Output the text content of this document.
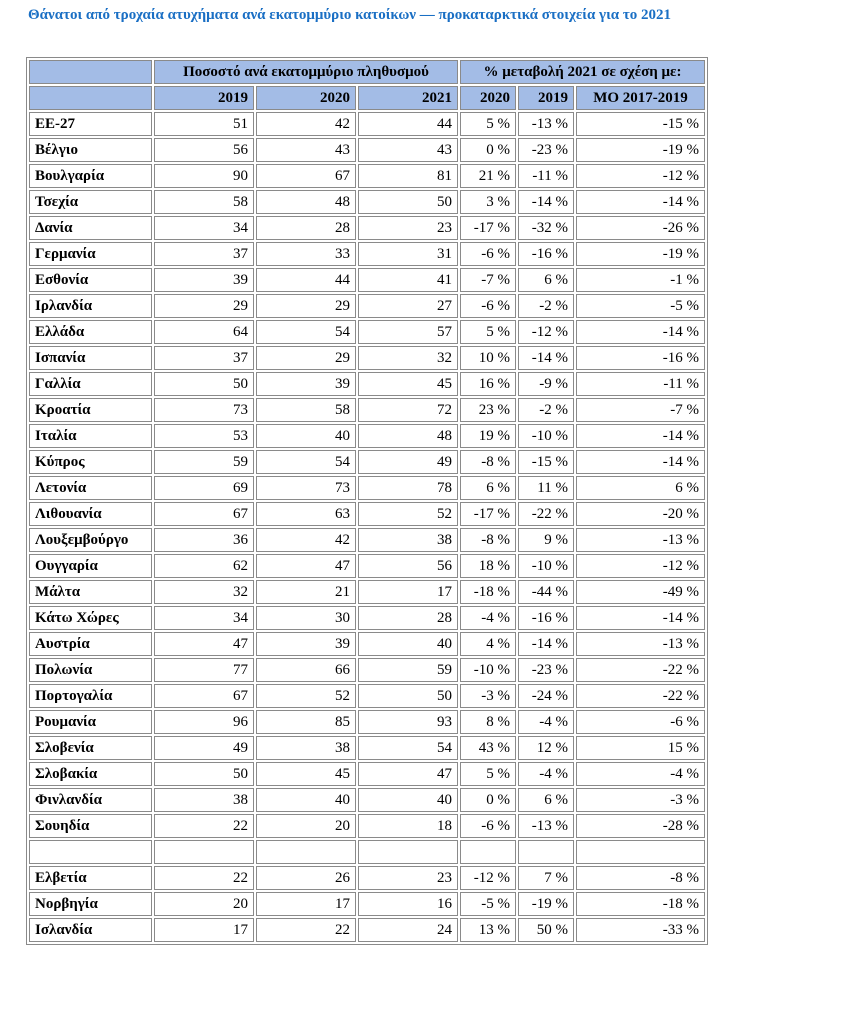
Θάνατοι από τροχαία ατυχήματα ανά εκατομμύριο κατοίκων — προκαταρκτικά στοιχεία για το 2021
	Ποσοστό ανά εκατομμύριο πληθυσμού			% μεταβολή 2021 σε σχέση με:		
	2019	2020	2021	2020	2019	ΜΟ 2017-2019
ΕΕ-27	51	42	44	5 %	-13 %	-15 %
Βέλγιο	56	43	43	0 %	-23 %	-19 %
Βουλγαρία	90	67	81	21 %	-11 %	-12 %
Τσεχία	58	48	50	3 %	-14 %	-14 %
Δανία	34	28	23	-17 %	-32 %	-26 %
Γερμανία	37	33	31	-6 %	-16 %	-19 %
Εσθονία	39	44	41	-7 %	6 %	-1 %
Ιρλανδία	29	29	27	-6 %	-2 %	-5 %
Ελλάδα	64	54	57	5 %	-12 %	-14 %
Ισπανία	37	29	32	10 %	-14 %	-16 %
Γαλλία	50	39	45	16 %	-9 %	-11 %
Κροατία	73	58	72	23 %	-2 %	-7 %
Ιταλία	53	40	48	19 %	-10 %	-14 %
Κύπρος	59	54	49	-8 %	-15 %	-14 %
Λετονία	69	73	78	6 %	11 %	6 %
Λιθουανία	67	63	52	-17 %	-22 %	-20 %
Λουξεμβούργο	36	42	38	-8 %	9 %	-13 %
Ουγγαρία	62	47	56	18 %	-10 %	-12 %
Μάλτα	32	21	17	-18 %	-44 %	-49 %
Κάτω Χώρες	34	30	28	-4 %	-16 %	-14 %
Αυστρία	47	39	40	4 %	-14 %	-13 %
Πολωνία	77	66	59	-10 %	-23 %	-22 %
Πορτογαλία	67	52	50	-3 %	-24 %	-22 %
Ρουμανία	96	85	93	8 %	-4 %	-6 %
Σλοβενία	49	38	54	43 %	12 %	15 %
Σλοβακία	50	45	47	5 %	-4 %	-4 %
Φινλανδία	38	40	40	0 %	6 %	-3 %
Σουηδία	22	20	18	-6 %	-13 %	-28 %

Ελβετία	22	26	23	-12 %	7 %	-8 %
Νορβηγία	20	17	16	-5 %	-19 %	-18 %
Ισλανδία	17	22	24	13 %	50 %	-33 %
